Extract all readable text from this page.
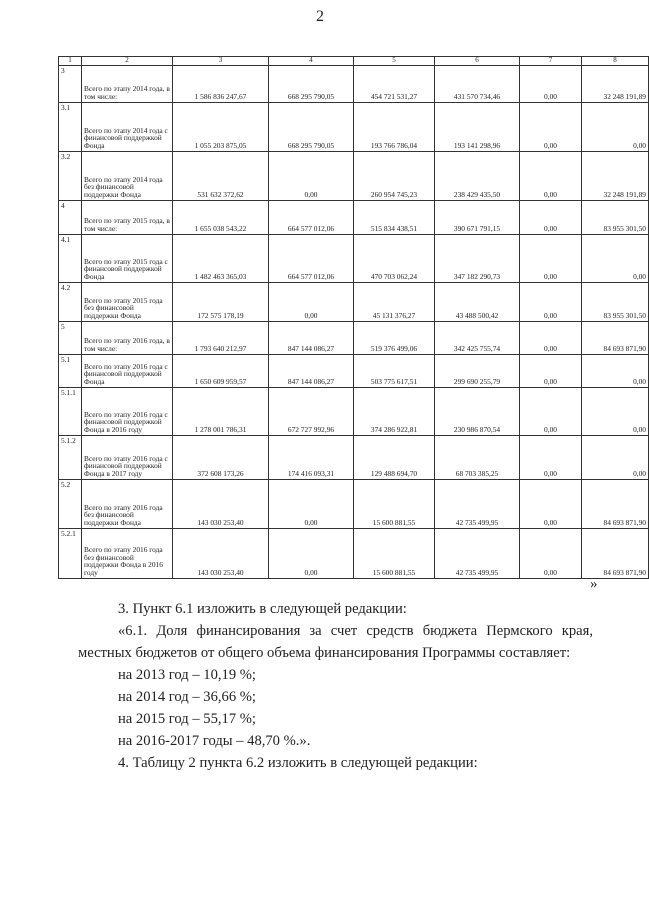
2
1	2	3	4	5	6	7	8
3	Всего по этапу 2014 года, в том числе:	1 586 836 247,67	668 295 790,05	454 721 531,27	431 570 734,46	0,00	32 248 191,89
3.1	Всего по этапу 2014 года с финансовой поддержкой Фонда	1 055 203 875,05	668 295 790,05	193 766 786,04	193 141 298,96	0,00	0,00
3.2	Всего по этапу 2014 года без финансовой поддержки Фонда	531 632 372,62	0,00	260 954 745,23	238 429 435,50	0,00	32 248 191,89
4	Всего по этапу 2015 года, в том числе:	1 655 038 543,22	664 577 012,06	515 834 438,51	390 671 791,15	0,00	83 955 301,50
4.1	Всего по этапу 2015 года с финансовой поддержкой Фонда	1 482 463 365,03	664 577 012,06	470 703 062,24	347 182 290,73	0,00	0,00
4.2	Всего по этапу 2015 года без финансовой поддержки Фонда	172 575 178,19	0,00	45 131 376,27	43 488 500,42	0,00	83 955 301,50
5	Всего по этапу 2016 года, в том числе:	1 793 640 212,97	847 144 086,27	519 376 499,06	342 425 755,74	0,00	84 693 871,90
5.1	Всего по этапу 2016 года с финансовой поддержкой Фонда	1 650 609 959,57	847 144 086,27	503 775 617,51	299 690 255,79	0,00	0,00
5.1.1	Всего по этапу 2016 года с финансовой поддержкой Фонда в 2016 году	1 278 001 786,31	672 727 992,96	374 286 922,81	230 986 870,54	0,00	0,00
5.1.2	Всего по этапу 2016 года с финансовой поддержкой Фонда в 2017 году	372 608 173,26	174 416 093,31	129 488 694,70	68 703 385,25	0,00	0,00
5.2	Всего по этапу 2016 года без финансовой поддержки Фонда	143 030 253,40	0,00	15 600 881,55	42 735 499,95	0,00	84 693 871,90
5.2.1	Всего по этапу 2016 года без финансовой поддержки Фонда в 2016 году	143 030 253,40	0,00	15 600 881,55	42 735 499,95	0,00	84 693 871,90
»

3. Пункт 6.1 изложить в следующей редакции:

«6.1. Доля финансирования за счет средств бюджета Пермского края, местных бюджетов от общего объема финансирования Программы составляет:

на 2013 год – 10,19 %;

на 2014 год – 36,66 %;

на 2015 год – 55,17 %;

на 2016-2017 годы – 48,70 %.».

4. Таблицу 2 пункта 6.2 изложить в следующей редакции:
